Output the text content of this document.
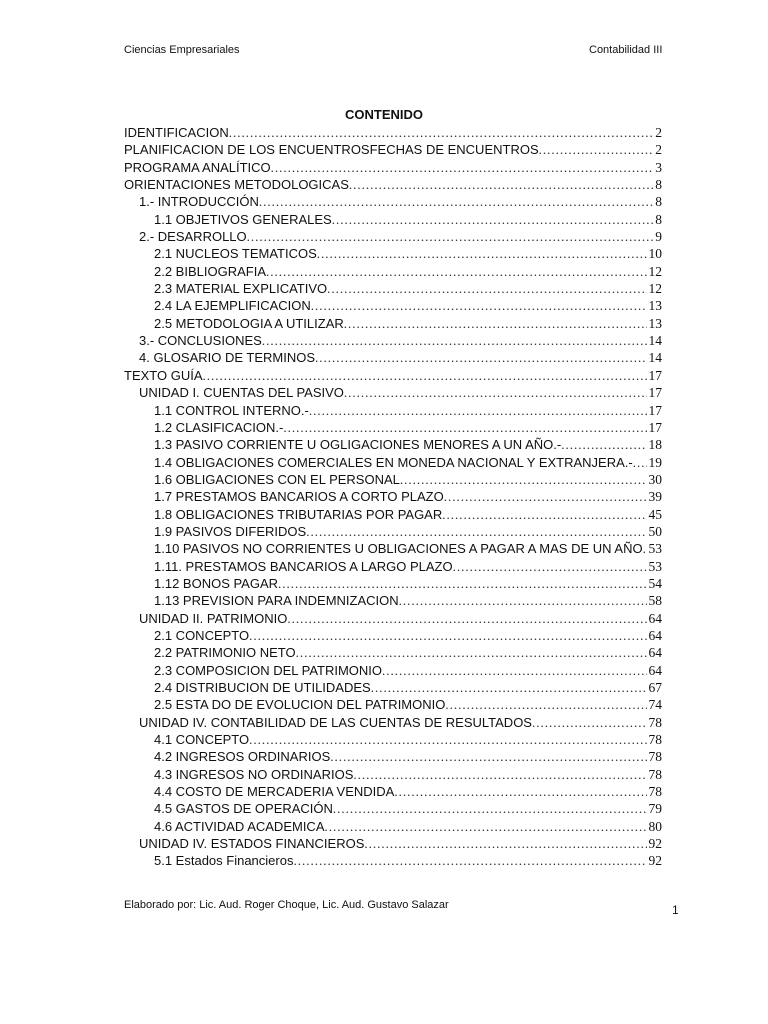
Ciencias Empresariales	Contabilidad III
CONTENIDO
IDENTIFICACION .....	2
PLANIFICACION DE LOS ENCUENTROSFECHAS DE ENCUENTROS .....	2
PROGRAMA ANALÍTICO .....	3
ORIENTACIONES METODOLOGICAS .....	8
1.- INTRODUCCIÓN .....	8
1.1 OBJETIVOS GENERALES .....	8
2.- DESARROLLO .....	9
2.1 NUCLEOS TEMATICOS .....	10
2.2 BIBLIOGRAFIA .....	12
2.3 MATERIAL EXPLICATIVO .....	12
2.4 LA EJEMPLIFICACION .....	13
2.5 METODOLOGIA A UTILIZAR .....	13
3.- CONCLUSIONES .....	14
4. GLOSARIO DE TERMINOS .....	14
TEXTO GUÍA .....	17
UNIDAD I. CUENTAS DEL PASIVO .....	17
1.1 CONTROL INTERNO.- .....	17
1.2 CLASIFICACION.- .....	17
1.3 PASIVO CORRIENTE U OGLIGACIONES MENORES A UN AÑO.- .....	18
1.4 OBLIGACIONES COMERCIALES EN MONEDA NACIONAL Y EXTRANJERA.- ..... 19
1.6 OBLIGACIONES CON EL PERSONAL .....	30
1.7 PRESTAMOS BANCARIOS A CORTO PLAZO .....	39
1.8 OBLIGACIONES TRIBUTARIAS POR PAGAR .....	45
1.9 PASIVOS DIFERIDOS .....	50
1.10 PASIVOS NO CORRIENTES U OBLIGACIONES A PAGAR A MAS DE UN AÑO ..... 53
1.11. PRESTAMOS BANCARIOS A LARGO PLAZO .....	53
1.12 BONOS PAGAR .....	54
1.13 PREVISION PARA INDEMNIZACION .....	58
UNIDAD II. PATRIMONIO .....	64
2.1 CONCEPTO .....	64
2.2 PATRIMONIO NETO .....	64
2.3 COMPOSICION DEL PATRIMONIO .....	64
2.4 DISTRIBUCION DE UTILIDADES .....	67
2.5 ESTA DO DE EVOLUCION DEL PATRIMONIO .....	74
UNIDAD IV. CONTABILIDAD DE LAS CUENTAS DE RESULTADOS .....	78
4.1 CONCEPTO .....	78
4.2 INGRESOS ORDINARIOS .....	78
4.3 INGRESOS NO ORDINARIOS .....	78
4.4 COSTO DE MERCADERIA VENDIDA .....	78
4.5 GASTOS DE OPERACIÓN .....	79
4.6 ACTIVIDAD ACADEMICA .....	80
UNIDAD IV. ESTADOS FINANCIEROS .....	92
5.1 Estados Financieros .....	92
Elaborado por: Lic. Aud. Roger Choque, Lic. Aud. Gustavo Salazar	1
